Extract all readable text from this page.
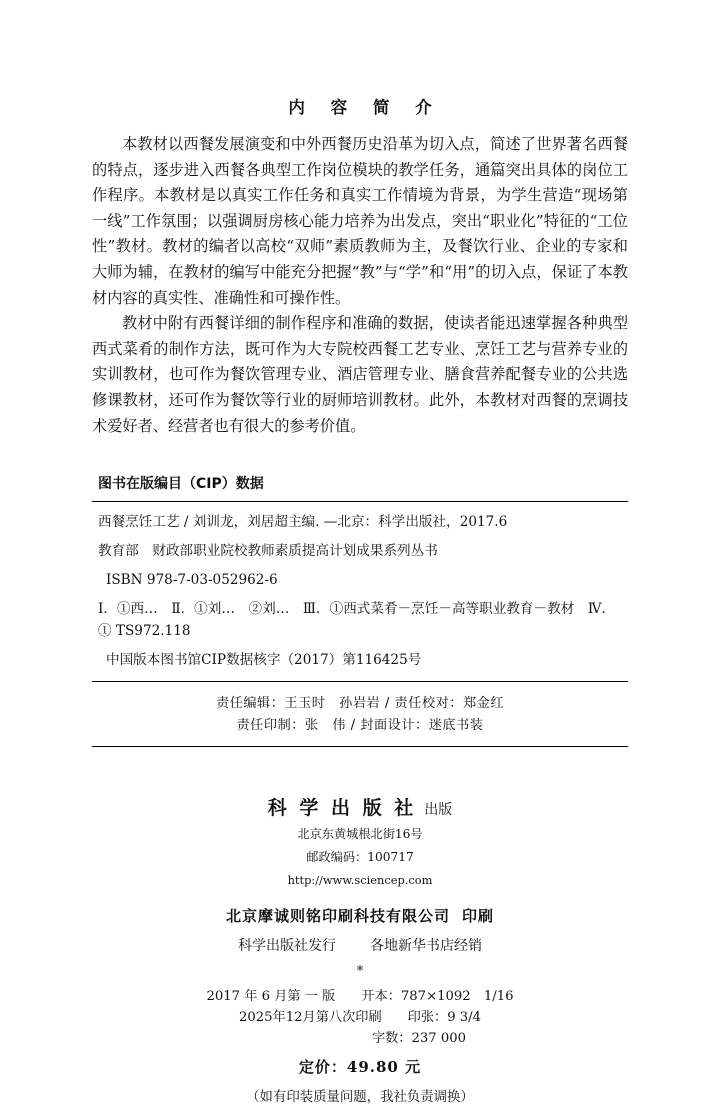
内 容 简 介

本教材以西餐发展演变和中外西餐历史沿革为切入点，简述了世界著名西餐的特点，逐步进入西餐各典型工作岗位模块的教学任务，通篇突出具体的岗位工作程序。本教材是以真实工作任务和真实工作情境为背景，为学生营造“现场第一线”工作氛围；以强调厨房核心能力培养为出发点，突出“职业化”特征的“工位性”教材。教材的编者以高校“双师”素质教师为主，及餐饮行业、企业的专家和大师为辅，在教材的编写中能充分把握“教”与“学”和“用”的切入点，保证了本教材内容的真实性、准确性和可操作性。

教材中附有西餐详细的制作程序和准确的数据，使读者能迅速掌握各种典型西式菜肴的制作方法，既可作为大专院校西餐工艺专业、烹饪工艺与营养专业的实训教材，也可作为餐饮管理专业、酒店管理专业、膳食营养配餐专业的公共选修课教材，还可作为餐饮等行业的厨师培训教材。此外，本教材对西餐的烹调技术爱好者、经营者也有很大的参考价值。

图书在版编目（CIP）数据

西餐烹饪工艺 / 刘训龙，刘居超主编. —北京：科学出版社，2017.6

教育部　财政部职业院校教师素质提高计划成果系列丛书

ISBN 978-7-03-052962-6

Ⅰ．①西…　Ⅱ．①刘…　②刘…　Ⅲ．①西式菜肴－烹饪－高等职业教育－教材　Ⅳ．① TS972.118

中国版本图书馆CIP数据核字（2017）第116425号

责任编辑：王玉时　孙岩岩 / 责任校对：郑金红
责任印制：张　伟 / 封面设计：迷底书装
科 学 出 版 社 出版
北京东黄城根北街16号
邮政编码：100717
http://www.sciencep.com
北京摩诚则铭印刷科技有限公司 印刷
科学出版社发行 各地新华书店经销
*
2017 年 6 月第 一 版 开本：787×1092　1/16
2025年12月第八次印刷 印张：9 3/4
字数：237 000
定价：49.80 元
（如有印装质量问题，我社负责调换）
